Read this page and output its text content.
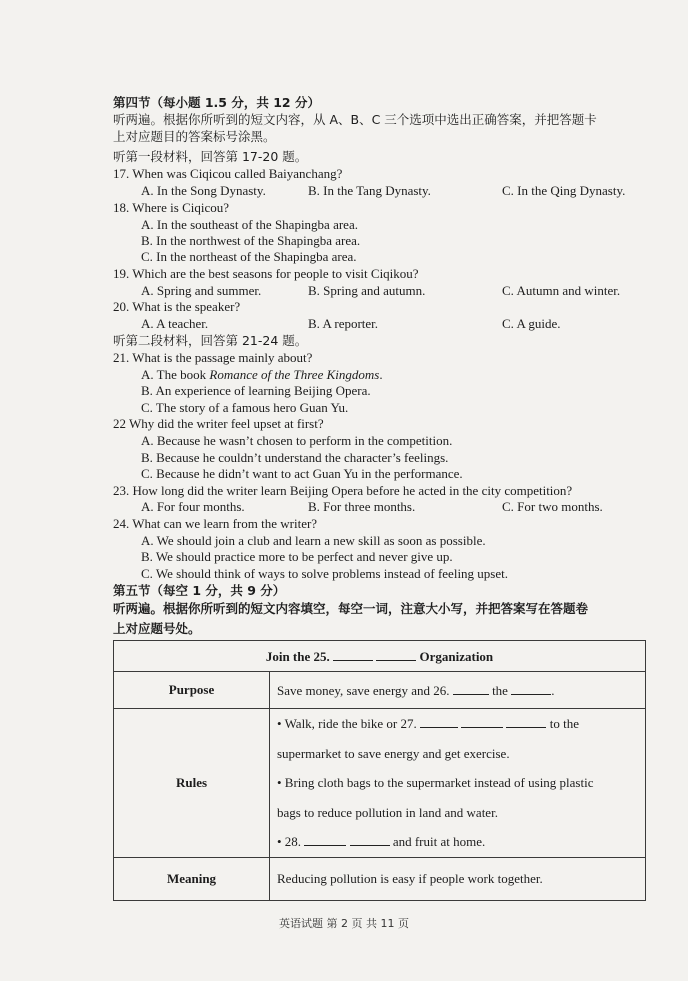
第四节（每小题 1.5 分，共 12 分）
听两遍。根据你所听到的短文内容，从 A、B、C 三个选项中选出正确答案，并把答题卡
上对应题目的答案标号涂黑。
听第一段材料，回答第 17-20 题。
17. When was Ciqicou called Baiyanchang?
A. In the Song Dynasty.	B. In the Tang Dynasty.	C. In the Qing Dynasty.
18. Where is Ciqicou?
A. In the southeast of the Shapingba area.
B. In the northwest of the Shapingba area.
C. In the northeast of the Shapingba area.
19. Which are the best seasons for people to visit Ciqikou?
A. Spring and summer.	B. Spring and autumn.	C. Autumn and winter.
20. What is the speaker?
A. A teacher.	B. A reporter.	C. A guide.
听第二段材料，回答第 21-24 题。
21. What is the passage mainly about?
A. The book Romance of the Three Kingdoms.
B. An experience of learning Beijing Opera.
C. The story of a famous hero Guan Yu.
22 Why did the writer feel upset at first?
A. Because he wasn’t chosen to perform in the competition.
B. Because he couldn’t understand the character’s feelings.
C. Because he didn’t want to act Guan Yu in the performance.
23. How long did the writer learn Beijing Opera before he acted in the city competition?
A. For four months.	B. For three months.	C. For two months.
24. What can we learn from the writer?
A. We should join a club and learn a new skill as soon as possible.
B. We should practice more to be perfect and never give up.
C. We should think of ways to solve problems instead of feeling upset.
第五节（每空 1 分，共 9 分）
听两遍。根据你所听到的短文内容填空，每空一词，注意大小写，并把答案写在答题卷
上对应题号处。
Join the 25. Organization	
Purpose	Save money, save energy and 26. the .
Rules	• Walk, ride the bike or 27. to the
supermarket to save energy and get exercise.
• Bring cloth bags to the supermarket instead of using plastic
bags to reduce pollution in land and water.
• 28. and fruit at home.

Meaning	Reducing pollution is easy if people work together.
英语试题 第 2 页 共 11 页
